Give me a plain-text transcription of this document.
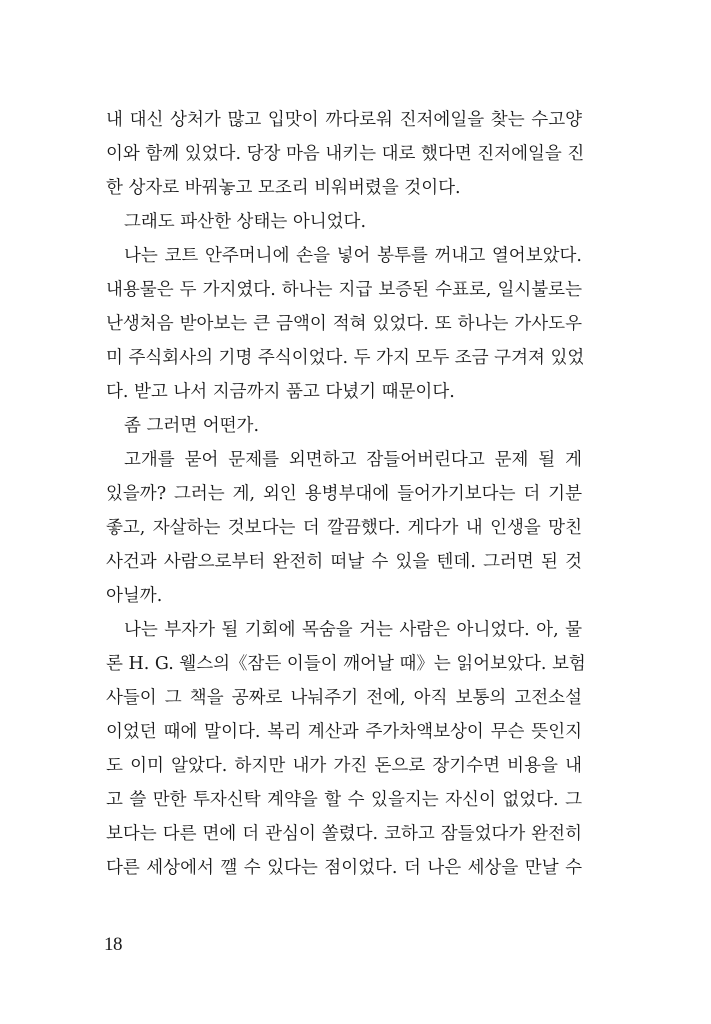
내 대신 상처가 많고 입맛이 까다로워 진저에일을 찾는 수고양
이와 함께 있었다. 당장 마음 내키는 대로 했다면 진저에일을 진
한 상자로 바꿔놓고 모조리 비워버렸을 것이다.
그래도 파산한 상태는 아니었다.
나는 코트 안주머니에 손을 넣어 봉투를 꺼내고 열어보았다.
내용물은 두 가지였다. 하나는 지급 보증된 수표로, 일시불로는
난생처음 받아보는 큰 금액이 적혀 있었다. 또 하나는 가사도우
미 주식회사의 기명 주식이었다. 두 가지 모두 조금 구겨져 있었
다. 받고 나서 지금까지 품고 다녔기 때문이다.
좀 그러면 어떤가.
고개를 묻어 문제를 외면하고 잠들어버린다고 문제 될 게
있을까? 그러는 게, 외인 용병부대에 들어가기보다는 더 기분
좋고, 자살하는 것보다는 더 깔끔했다. 게다가 내 인생을 망친
사건과 사람으로부터 완전히 떠날 수 있을 텐데. 그러면 된 것
아닐까.
나는 부자가 될 기회에 목숨을 거는 사람은 아니었다. 아, 물
론 H. G. 웰스의《잠든 이들이 깨어날 때》는 읽어보았다. 보험
사들이 그 책을 공짜로 나눠주기 전에, 아직 보통의 고전소설
이었던 때에 말이다. 복리 계산과 주가차액보상이 무슨 뜻인지
도 이미 알았다. 하지만 내가 가진 돈으로 장기수면 비용을 내
고 쓸 만한 투자신탁 계약을 할 수 있을지는 자신이 없었다. 그
보다는 다른 면에 더 관심이 쏠렸다. 코하고 잠들었다가 완전히
다른 세상에서 깰 수 있다는 점이었다. 더 나은 세상을 만날 수
18
